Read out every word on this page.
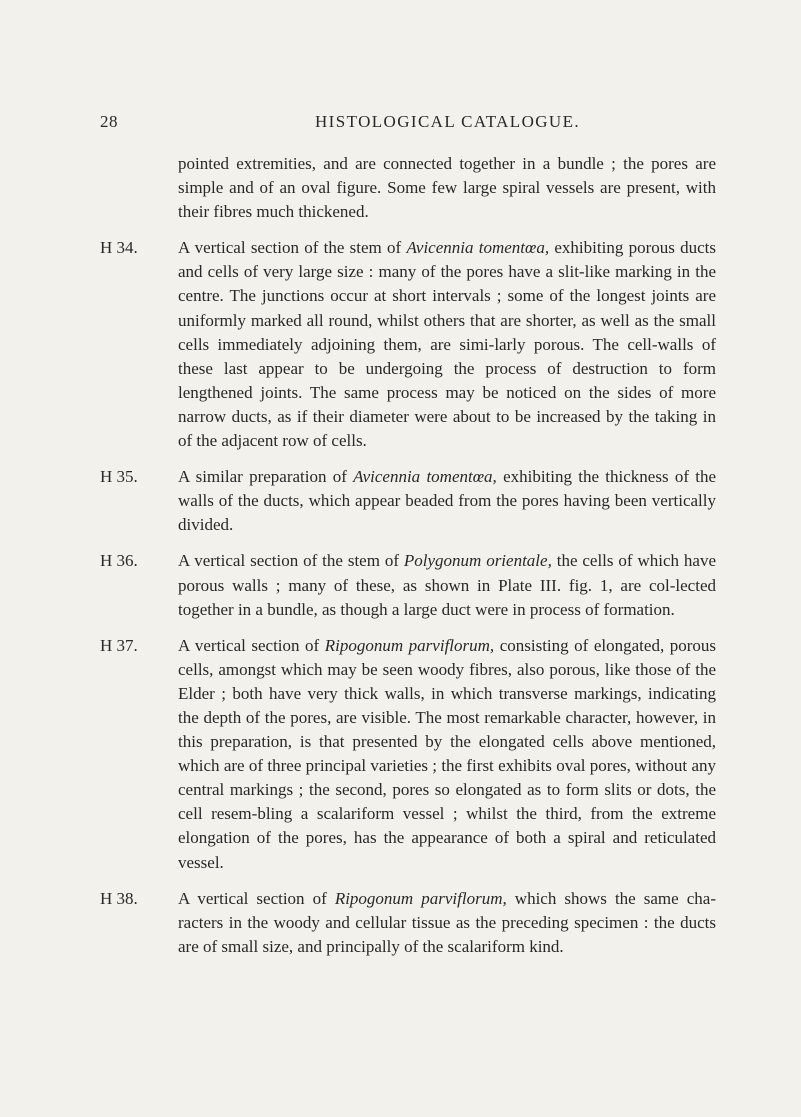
28	HISTOLOGICAL CATALOGUE.

pointed extremities, and are connected together in a bundle ; the pores are simple and of an oval figure. Some few large spiral vessels are present, with their fibres much thickened.

H 34.	A vertical section of the stem of Avicennia tomentœa, exhibiting porous ducts and cells of very large size : many of the pores have a slit-like marking in the centre. The junctions occur at short intervals ; some of the longest joints are uniformly marked all round, whilst others that are shorter, as well as the small cells immediately adjoining them, are simi-larly porous. The cell-walls of these last appear to be undergoing the process of destruction to form lengthened joints. The same process may be noticed on the sides of more narrow ducts, as if their diameter were about to be increased by the taking in of the adjacent row of cells.

H 35.	A similar preparation of Avicennia tomentœa, exhibiting the thickness of the walls of the ducts, which appear beaded from the pores having been vertically divided.

H 36.	A vertical section of the stem of Polygonum orientale, the cells of which have porous walls ; many of these, as shown in Plate III. fig. 1, are col-lected together in a bundle, as though a large duct were in process of formation.

H 37.	A vertical section of Ripogonum parviflorum, consisting of elongated, porous cells, amongst which may be seen woody fibres, also porous, like those of the Elder ; both have very thick walls, in which transverse markings, indicating the depth of the pores, are visible. The most remarkable character, however, in this preparation, is that presented by the elongated cells above mentioned, which are of three principal varieties ; the first exhibits oval pores, without any central markings ; the second, pores so elongated as to form slits or dots, the cell resem-bling a scalariform vessel ; whilst the third, from the extreme elongation of the pores, has the appearance of both a spiral and reticulated vessel.

H 38.	A vertical section of Ripogonum parviflorum, which shows the same cha-racters in the woody and cellular tissue as the preceding specimen : the ducts are of small size, and principally of the scalariform kind.
